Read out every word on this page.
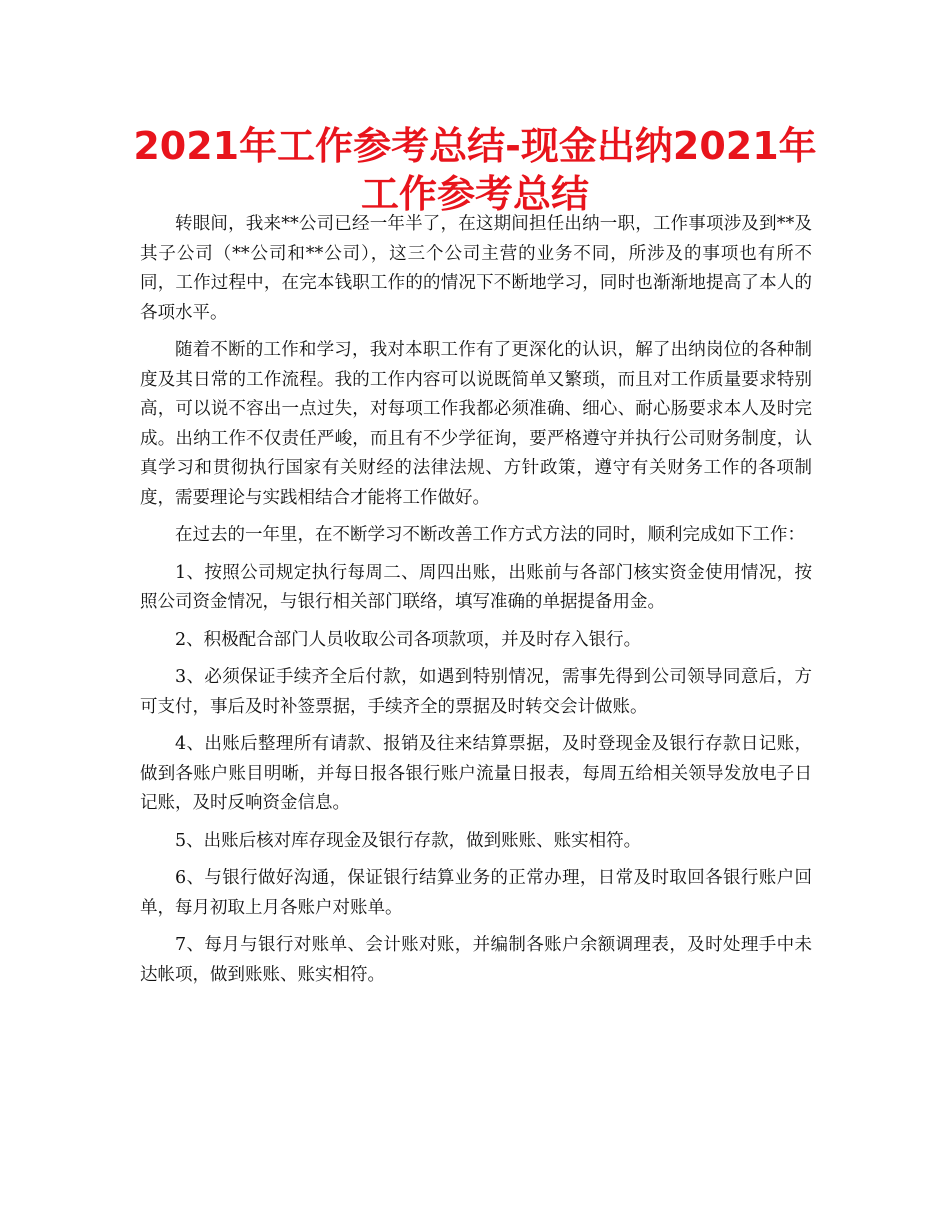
2021年工作参考总结-现金出纳2021年工作参考总结

转眼间，我来**公司已经一年半了，在这期间担任出纳一职，工作事项涉及到**及其子公司（**公司和**公司），这三个公司主营的业务不同，所涉及的事项也有所不同，工作过程中，在完本钱职工作的的情况下不断地学习，同时也渐渐地提高了本人的各项水平。

随着不断的工作和学习，我对本职工作有了更深化的认识，解了出纳岗位的各种制度及其日常的工作流程。我的工作内容可以说既简单又繁琐，而且对工作质量要求特别高，可以说不容出一点过失，对每项工作我都必须准确、细心、耐心肠要求本人及时完成。出纳工作不仅责任严峻，而且有不少学征询，要严格遵守并执行公司财务制度，认真学习和贯彻执行国家有关财经的法律法规、方针政策，遵守有关财务工作的各项制度，需要理论与实践相结合才能将工作做好。

在过去的一年里，在不断学习不断改善工作方式方法的同时，顺利完成如下工作：

1、按照公司规定执行每周二、周四出账，出账前与各部门核实资金使用情况，按照公司资金情况，与银行相关部门联络，填写准确的单据提备用金。

2、积极配合部门人员收取公司各项款项，并及时存入银行。

3、必须保证手续齐全后付款，如遇到特别情况，需事先得到公司领导同意后，方可支付，事后及时补签票据，手续齐全的票据及时转交会计做账。

4、出账后整理所有请款、报销及往来结算票据，及时登现金及银行存款日记账，做到各账户账目明晰，并每日报各银行账户流量日报表，每周五给相关领导发放电子日记账，及时反响资金信息。

5、出账后核对库存现金及银行存款，做到账账、账实相符。

6、与银行做好沟通，保证银行结算业务的正常办理，日常及时取回各银行账户回单，每月初取上月各账户对账单。

7、每月与银行对账单、会计账对账，并编制各账户余额调理表，及时处理手中未达帐项，做到账账、账实相符。
